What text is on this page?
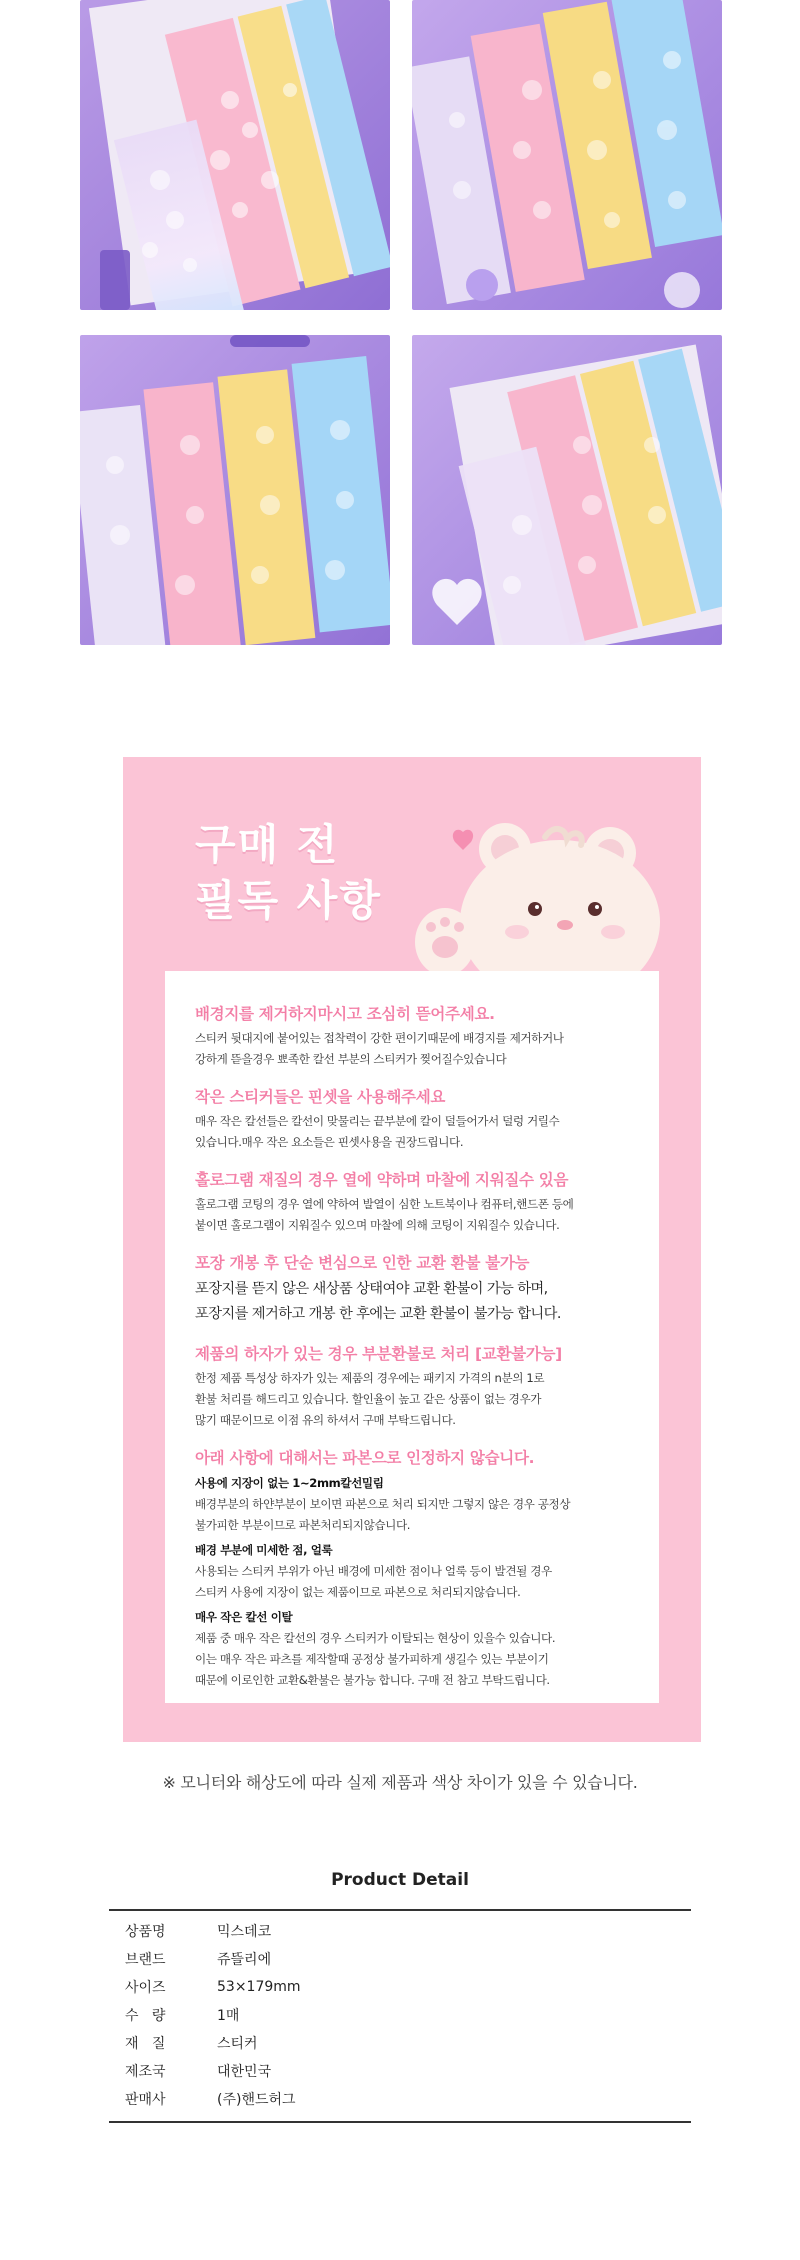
구매 전
필독 사항
배경지를 제거하지마시고 조심히 뜯어주세요.
스티커 뒷대지에 붙어있는 접착력이 강한 편이기때문에 배경지를 제거하거나
강하게 뜯을경우 뾰족한 칼선 부분의 스티커가 찢어질수있습니다
작은 스티커들은 핀셋을 사용해주세요
매우 작은 칼선들은 칼선이 맞물리는 끝부분에 칼이 덜들어가서 덜렁 거릴수
있습니다.매우 작은 요소들은 핀셋사용을 권장드립니다.
홀로그램 재질의 경우 열에 약하며 마찰에 지워질수 있음
홀로그램 코팅의 경우 열에 약하여 발열이 심한 노트북이나 컴퓨터,핸드폰 등에
붙이면 홀로그램이 지워질수 있으며 마찰에 의해 코팅이 지워질수 있습니다.
포장 개봉 후 단순 변심으로 인한 교환 환불 불가능
포장지를 뜯지 않은 새상품 상태여야 교환 환불이 가능 하며,
포장지를 제거하고 개봉 한 후에는 교환 환불이 불가능 합니다.
제품의 하자가 있는 경우 부분환불로 처리 [교환불가능]
한정 제품 특성상 하자가 있는 제품의 경우에는 패키지 가격의 n분의 1로
환불 처리를 해드리고 있습니다. 할인율이 높고 같은 상품이 없는 경우가
많기 때문이므로 이점 유의 하셔서 구매 부탁드립니다.
아래 사항에 대해서는 파본으로 인정하지 않습니다.
사용에 지장이 없는 1~2mm칼선밀림
배경부분의 하얀부분이 보이면 파본으로 처리 되지만 그렇지 않은 경우 공정상
불가피한 부분이므로 파본처리되지않습니다.
배경 부분에 미세한 점, 얼룩
사용되는 스티커 부위가 아닌 배경에 미세한 점이나 얼룩 등이 발견될 경우
스티커 사용에 지장이 없는 제품이므로 파본으로 처리되지않습니다.
매우 작은 칼선 이탈
제품 중 매우 작은 칼선의 경우 스티커가 이탈되는 현상이 있을수 있습니다.
이는 매우 작은 파츠를 제작할때 공정상 불가피하게 생길수 있는 부분이기
때문에 이로인한 교환&환불은 불가능 합니다. 구매 전 참고 부탁드립니다.
※ 모니터와 해상도에 따라 실제 제품과 색상 차이가 있을 수 있습니다.
Product Detail
상품명	믹스데코
브랜드	쥬뜰리에
사이즈	53×179mm
수   량	1매
재   질	스티커
제조국	대한민국
판매사	(주)핸드허그
